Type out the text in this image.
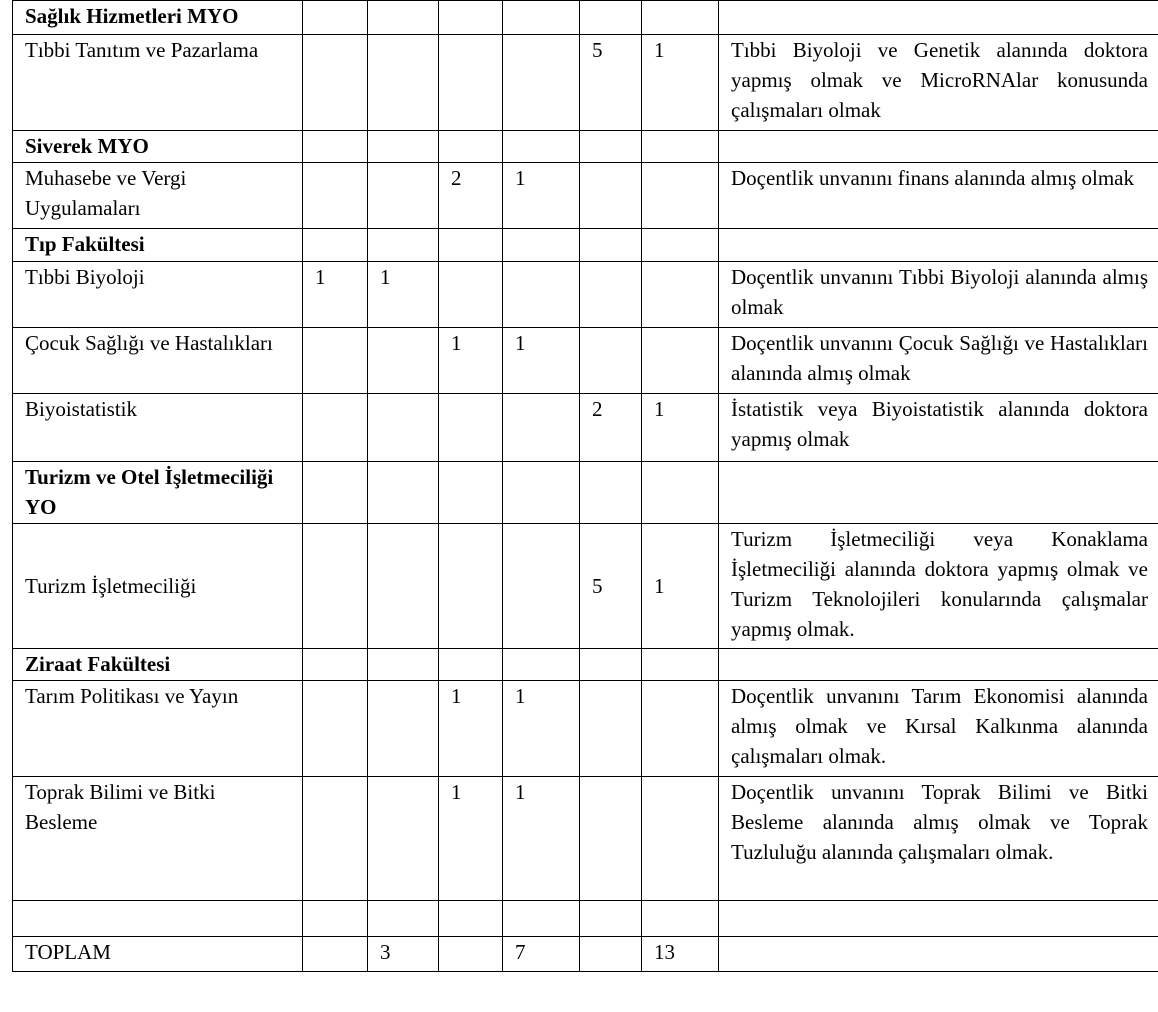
Sağlık Hizmetleri MYO							
Tıbbi Tanıtım ve Pazarlama					5	1	Tıbbi Biyoloji ve Genetik alanında doktora yapmış olmak ve MicroRNAlar konusunda çalışmaları olmak
Siverek MYO							
Muhasebe ve Vergi Uygulamaları			2	1			Doçentlik unvanını finans alanında almış olmak
Tıp Fakültesi							
Tıbbi Biyoloji	1	1					Doçentlik unvanını Tıbbi Biyoloji alanında almış olmak
Çocuk Sağlığı ve Hastalıkları			1	1			Doçentlik unvanını Çocuk Sağlığı ve Hastalıkları alanında almış olmak
Biyoistatistik					2	1	İstatistik veya Biyoistatistik alanında doktora yapmış olmak
Turizm ve Otel İşletmeciliği YO							
Turizm İşletmeciliği					5	1	Turizm İşletmeciliği veya Konaklama İşletmeciliği alanında doktora yapmış olmak ve Turizm Teknolojileri konularında çalışmalar yapmış olmak.
Ziraat Fakültesi							
Tarım Politikası ve Yayın			1	1			Doçentlik unvanını Tarım Ekonomisi alanında almış olmak ve Kırsal Kalkınma alanında çalışmaları olmak.
Toprak Bilimi ve Bitki Besleme			1	1			Doçentlik unvanını Toprak Bilimi ve Bitki Besleme alanında almış olmak ve Toprak Tuzluluğu alanında çalışmaları olmak.

TOPLAM		3		7		13	
